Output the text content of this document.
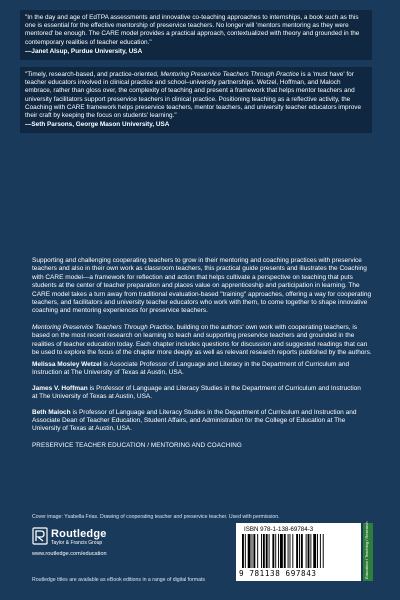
"In the day and age of EdTPA assessments and innovative co-teaching approaches to internships, a book such as this one is essential for the effective mentorship of preservice teachers. No longer will 'mentors mentoring as they were mentored' be enough. The CARE model provides a practical approach, contextualized with theory and grounded in the contemporary realities of teacher education."

—Janet Alsup, Purdue University, USA

"Timely, research-based, and practice-oriented, Mentoring Preservice Teachers Through Practice is a 'must have' for teacher educators involved in clinical practice and school–university partnerships. Wetzel, Hoffman, and Maloch embrace, rather than gloss over, the complexity of teaching and present a framework that helps mentor teachers and university facilitators support preservice teachers in clinical practice. Positioning teaching as a reflective activity, the Coaching with CARE framework helps preservice teachers, mentor teachers, and university teacher educators improve their craft by keeping the focus on students' learning."

—Seth Parsons, George Mason University, USA

Supporting and challenging cooperating teachers to grow in their mentoring and coaching practices with preservice teachers and also in their own work as classroom teachers, this practical guide presents and illustrates the Coaching with CARE model—a framework for reflection and action that helps cultivate a perspective on teaching that puts students at the center of teacher preparation and places value on apprenticeship and participation in learning. The CARE model takes a turn away from traditional evaluation-based "training" approaches, offering a way for cooperating teachers, and facilitators and university teacher educators who work with them, to come together to shape innovative coaching and mentoring experiences for preservice teachers.

Mentoring Preservice Teachers Through Practice, building on the authors' own work with cooperating teachers, is based on the most recent research on learning to teach and supporting preservice teachers and grounded in the realities of teacher education today. Each chapter includes questions for discussion and suggested readings that can be used to explore the focus of the chapter more deeply as well as relevant research reports published by the authors.

Melissa Mosley Wetzel is Associate Professor of Language and Literacy in the Department of Curriculum and Instruction at The University of Texas at Austin, USA.

James V. Hoffman is Professor of Language and Literacy Studies in the Department of Curriculum and Instruction at The University of Texas at Austin, USA.

Beth Maloch is Professor of Language and Literacy Studies in the Department of Curriculum and Instruction and Associate Dean of Teacher Education, Student Affairs, and Administration for the College of Education at The University of Texas at Austin, USA.

PRESERVICE TEACHER EDUCATION / MENTORING AND COACHING
Cover image: Ysabella Frias. Drawing of cooperating teacher and preservice teacher. Used with permission.
Routledge
Taylor & Francis Group
www.routledge.com/education
Routledge titles are available as eBook editions in a range of digital formats
ISBN 978-1-138-69784-3
9 781138 697843	Education / Teaching / Research
